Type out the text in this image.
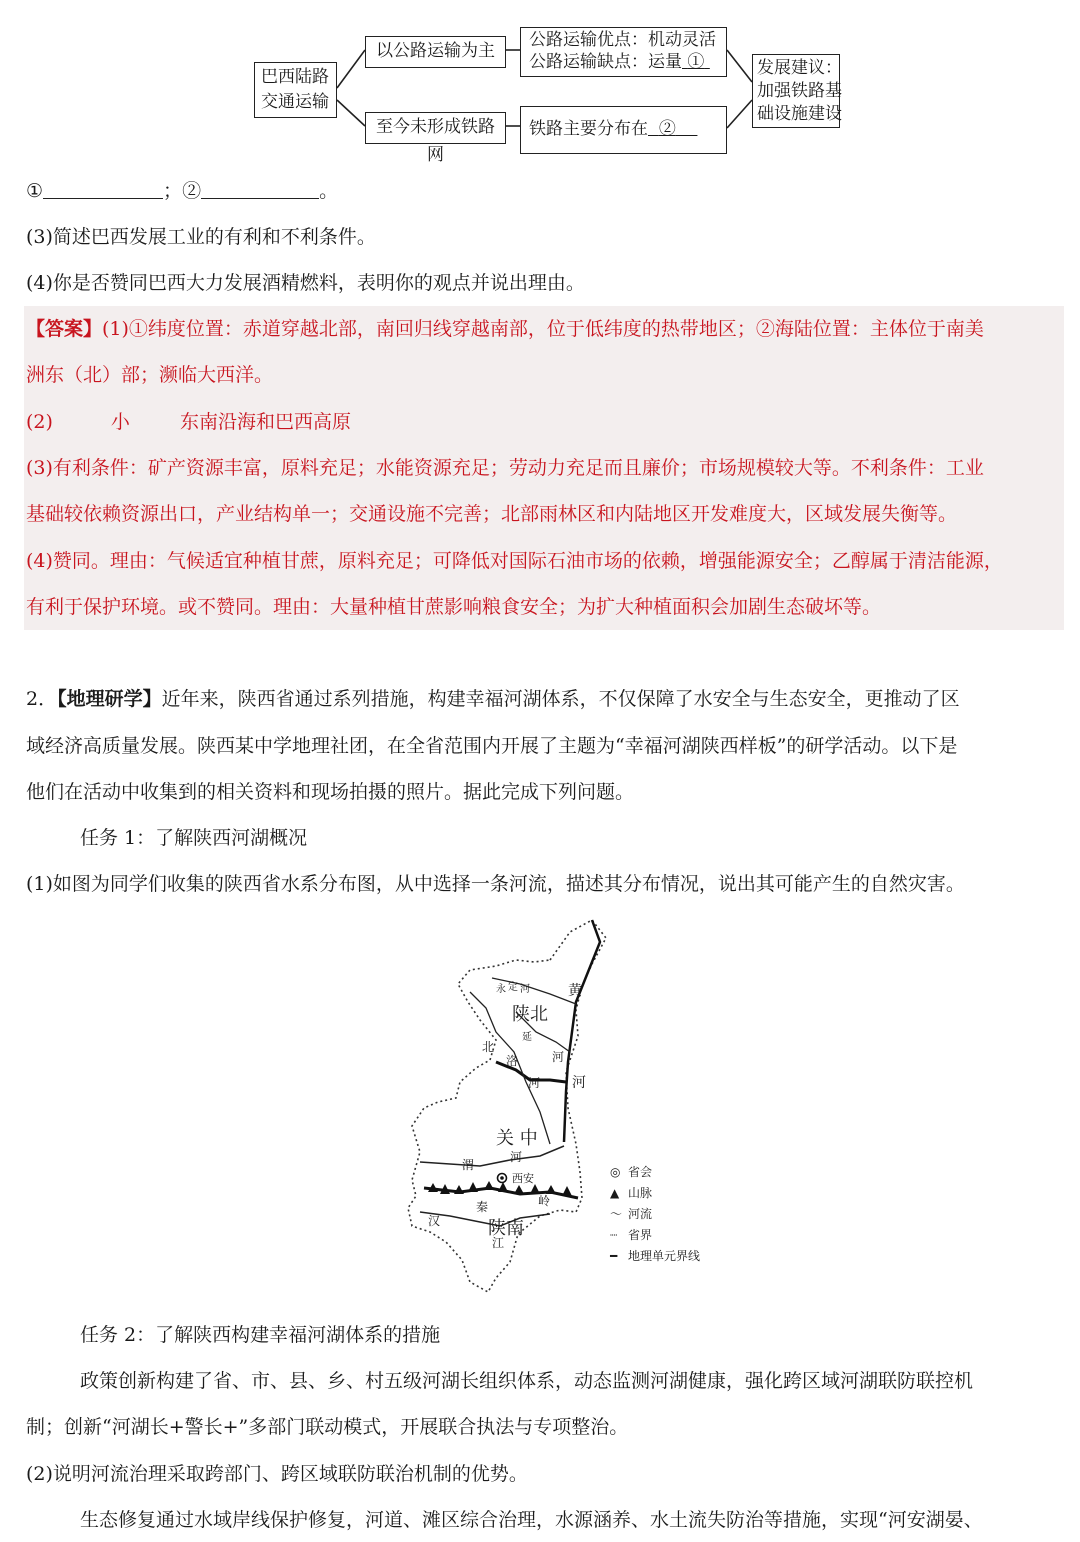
巴西陆路
交通运输
以公路运输为主
至今未形成铁路网
公路运输优点：机动灵活
公路运输缺点：运量 ①
铁路主要分布在 ②
发展建议：
加强铁路基
础设施建设
①	；②	。
(3)简述巴西发展工业的有利和不利条件。
(4)你是否赞同巴西大力发展酒精燃料，表明你的观点并说出理由。
【答案】(1)①纬度位置：赤道穿越北部，南回归线穿越南部，位于低纬度的热带地区；②海陆位置：主体位于南美
洲东（北）部；濒临大西洋。
(2)	小	东南沿海和巴西高原
(3)有利条件：矿产资源丰富，原料充足；水能资源充足；劳动力充足而且廉价；市场规模较大等。不利条件：工业
基础较依赖资源出口，产业结构单一；交通设施不完善；北部雨林区和内陆地区开发难度大，区域发展失衡等。
(4)赞同。理由：气候适宜种植甘蔗，原料充足；可降低对国际石油市场的依赖，增强能源安全；乙醇属于清洁能源，
有利于保护环境。或不赞同。理由：大量种植甘蔗影响粮食安全；为扩大种植面积会加剧生态破坏等。
2．【地理研学】近年来，陕西省通过系列措施，构建幸福河湖体系，不仅保障了水安全与生态安全，更推动了区
域经济高质量发展。陕西某中学地理社团，在全省范围内开展了主题为“幸福河湖陕西样板”的研学活动。以下是
他们在活动中收集到的相关资料和现场拍摄的照片。据此完成下列问题。
任务 1：了解陕西河湖概况
(1)如图为同学们收集的陕西省水系分布图，从中选择一条河流，描述其分布情况，说出其可能产生的自然灾害。
陕北
关 中
陕南
永 定 河	黄
河
北
洛
河
延
河
渭
河
汉
江
秦	岭
西安	◎ 省会
▲ 山脉
〜 河流
┈ 省界
━ 地理单元界线
任务 2：了解陕西构建幸福河湖体系的措施
政策创新构建了省、市、县、乡、村五级河湖长组织体系，动态监测河湖健康，强化跨区域河湖联防联控机
制；创新“河湖长+警长+”多部门联动模式，开展联合执法与专项整治。
(2)说明河流治理采取跨部门、跨区域联防联治机制的优势。
生态修复通过水域岸线保护修复，河道、滩区综合治理，水源涵养、水土流失防治等措施，实现“河安湖晏、
